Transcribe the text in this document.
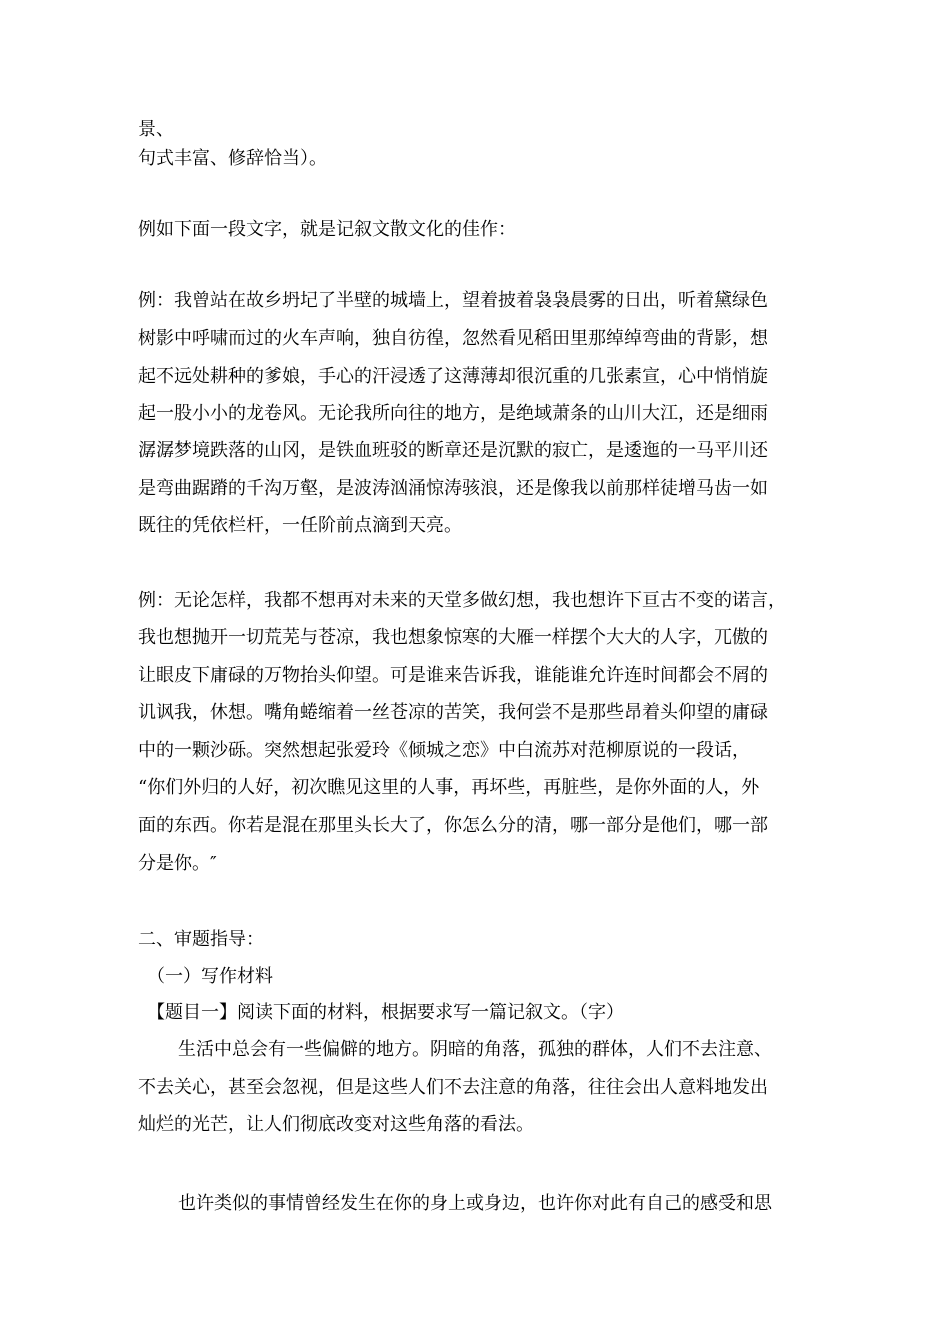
景、
句式丰富、修辞恰当）。
例如下面一段文字，就是记叙文散文化的佳作：
例：我曾站在故乡坍圮了半壁的城墙上，望着披着袅袅晨雾的日出，听着黛绿色
树影中呼啸而过的火车声响，独自彷徨，忽然看见稻田里那绰绰弯曲的背影，想
起不远处耕种的爹娘，手心的汗浸透了这薄薄却很沉重的几张素宣，心中悄悄旋
起一股小小的龙卷风。无论我所向往的地方，是绝域萧条的山川大江，还是细雨
潺潺梦境跌落的山冈，是铁血班驳的断章还是沉默的寂亡，是逶迤的一马平川还
是弯曲踞蹐的千沟万壑，是波涛汹涌惊涛骇浪，还是像我以前那样徒增马齿一如
既往的凭依栏杆，一任阶前点滴到天亮。
例：无论怎样，我都不想再对未来的天堂多做幻想，我也想许下亘古不变的诺言，
我也想抛开一切荒芜与苍凉，我也想象惊寒的大雁一样摆个大大的人字，兀傲的
让眼皮下庸碌的万物抬头仰望。可是谁来告诉我，谁能谁允许连时间都会不屑的
讥讽我，休想。嘴角蜷缩着一丝苍凉的苦笑，我何尝不是那些昂着头仰望的庸碌
中的一颗沙砾。突然想起张爱玲《倾城之恋》中白流苏对范柳原说的一段话，
“你们外归的人好，初次瞧见这里的人事，再坏些，再脏些，是你外面的人，外
面的东西。你若是混在那里头长大了，你怎么分的清，哪一部分是他们，哪一部
分是你。″
二、审题指导：
（一）写作材料
【题目一】阅读下面的材料，根据要求写一篇记叙文。（字）
生活中总会有一些偏僻的地方。阴暗的角落，孤独的群体，人们不去注意、
不去关心，甚至会忽视，但是这些人们不去注意的角落，往往会出人意料地发出
灿烂的光芒，让人们彻底改变对这些角落的看法。
也许类似的事情曾经发生在你的身上或身边，也许你对此有自己的感受和思
